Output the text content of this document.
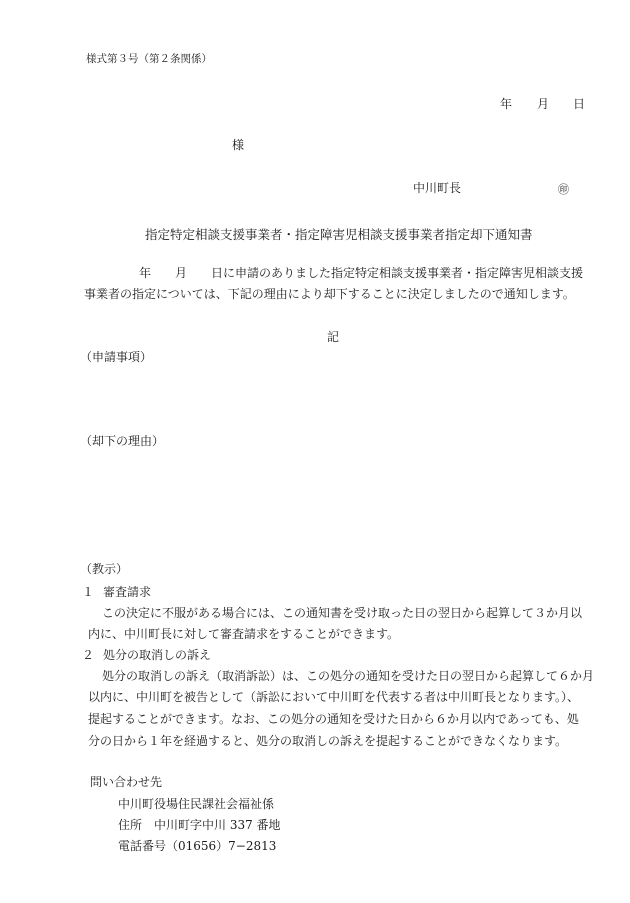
様式第３号（第２条関係）
年 月 日
様
中川町長	㊞
指定特定相談支援事業者・指定障害児相談支援事業者指定却下通知書
年 月 日に申請のありました指定特定相談支援事業者・指定障害児相談支援
事業者の指定については、下記の理由により却下することに決定しましたので通知します。
記
（申請事項）
（却下の理由）
（教示）
１ 審査請求
この決定に不服がある場合には、この通知書を受け取った日の翌日から起算して３か月以
内に、中川町長に対して審査請求をすることができます。
２ 処分の取消しの訴え
処分の取消しの訴え（取消訴訟）は、この処分の通知を受けた日の翌日から起算して６か月
以内に、中川町を被告として（訴訟において中川町を代表する者は中川町長となります。）、
提起することができます。なお、この処分の通知を受けた日から６か月以内であっても、処
分の日から１年を経過すると、処分の取消しの訴えを提起することができなくなります。
問い合わせ先
中川町役場住民課社会福祉係
住所　中川町字中川 337 番地
電話番号（01656）7−2813
